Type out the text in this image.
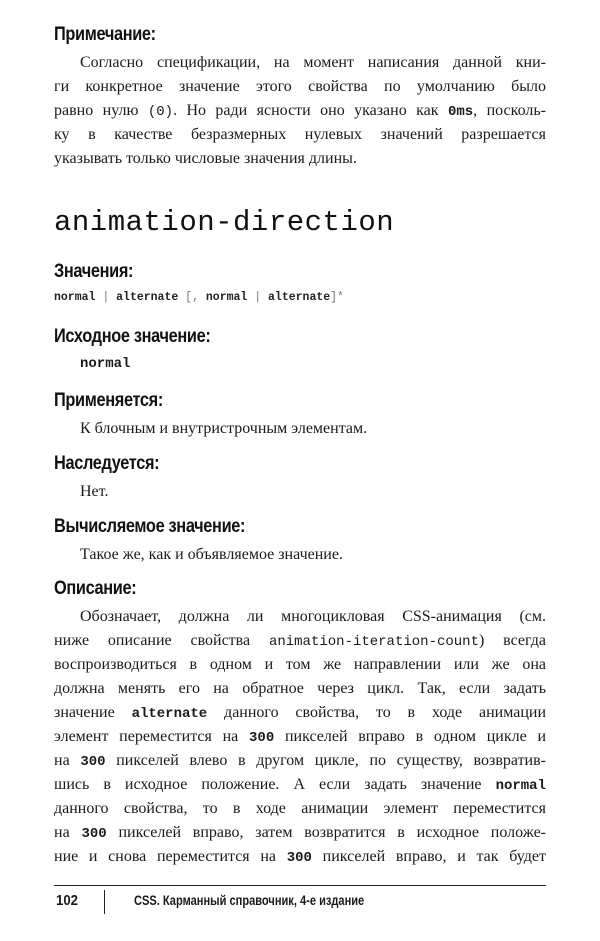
Примечание:
Согласно спецификации, на момент написания данной кни-
ги конкретное значение этого свойства по умолчанию было
равно нулю (0). Но ради ясности оно указано как 0ms, посколь-
ку в качестве безразмерных нулевых значений разрешается
указывать только числовые значения длины.
animation-direction
Значения:
normal | alternate [, normal | alternate]*
Исходное значение:
normal
Применяется:
К блочным и внутристрочным элементам.
Наследуется:
Нет.
Вычисляемое значение:
Такое же, как и объявляемое значение.
Описание:
Обозначает, должна ли многоцикловая CSS-анимация (см.
ниже описание свойства animation-iteration-count) всегда
воспроизводиться в одном и том же направлении или же она
должна менять его на обратное через цикл. Так, если задать
значение alternate данного свойства, то в ходе анимации
элемент переместится на 300 пикселей вправо в одном цикле и
на 300 пикселей влево в другом цикле, по существу, возвратив-
шись в исходное положение. А если задать значение normal
данного свойства, то в ходе анимации элемент переместится
на 300 пикселей вправо, затем возвратится в исходное положе-
ние и снова переместится на 300 пикселей вправо, и так будет
102	CSS. Карманный справочник, 4-е издание
